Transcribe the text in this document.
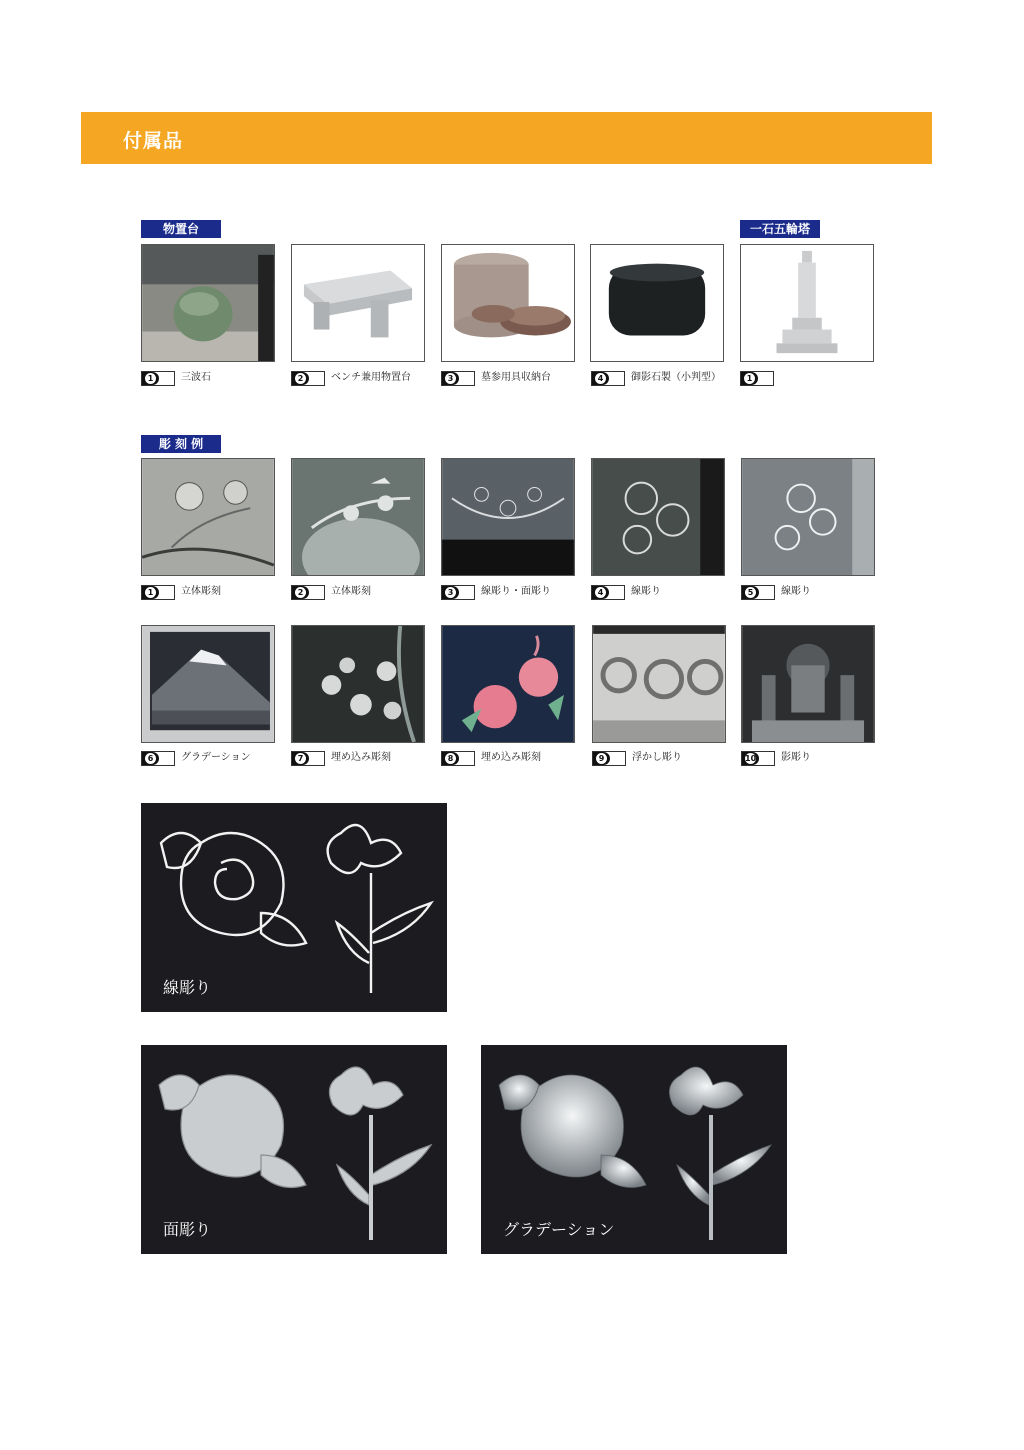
付属品
物置台	一石五輪塔
彫 刻 例
1	三波石	2	ベンチ兼用物置台	3	墓参用具収納台	4	御影石製（小判型）	1
1	立体彫刻	2	立体彫刻	3	線彫り・面彫り	4	線彫り	5	線彫り
6	グラデーション	7	埋め込み彫刻	8	埋め込み彫刻	9	浮かし彫り	10 影彫り
線彫り
面彫り	グラデーション
